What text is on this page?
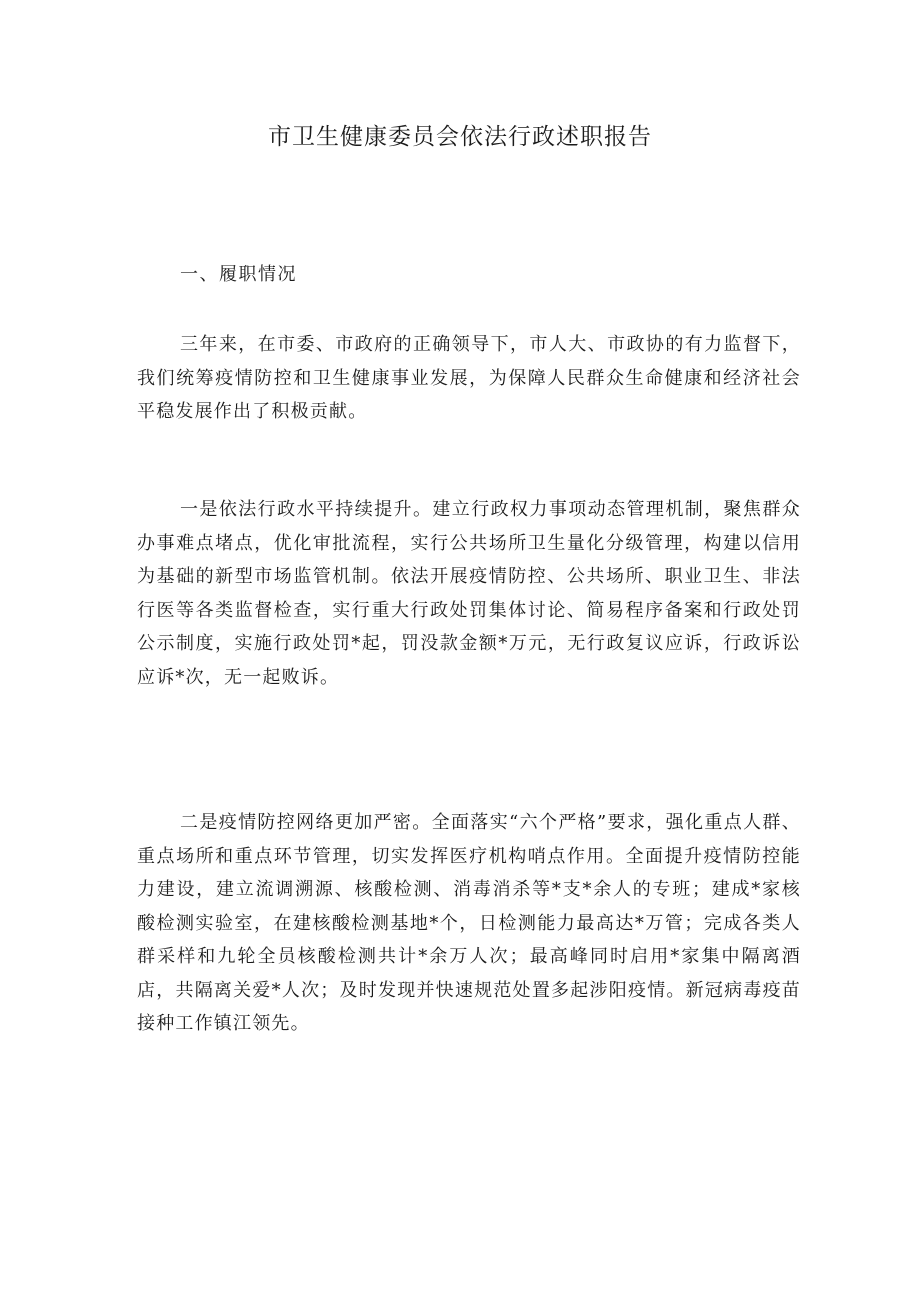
市卫生健康委员会依法行政述职报告
一、履职情况

三年来，在市委、市政府的正确领导下，市人大、市政协的有力监督下，我们统筹疫情防控和卫生健康事业发展，为保障人民群众生命健康和经济社会平稳发展作出了积极贡献。

一是依法行政水平持续提升。建立行政权力事项动态管理机制，聚焦群众办事难点堵点，优化审批流程，实行公共场所卫生量化分级管理，构建以信用为基础的新型市场监管机制。依法开展疫情防控、公共场所、职业卫生、非法行医等各类监督检查，实行重大行政处罚集体讨论、简易程序备案和行政处罚公示制度，实施行政处罚*起，罚没款金额*万元，无行政复议应诉，行政诉讼应诉*次，无一起败诉。

二是疫情防控网络更加严密。全面落实“六个严格”要求，强化重点人群、重点场所和重点环节管理，切实发挥医疗机构哨点作用。全面提升疫情防控能力建设，建立流调溯源、核酸检测、消毒消杀等*支*余人的专班；建成*家核酸检测实验室，在建核酸检测基地*个，日检测能力最高达*万管；完成各类人群采样和九轮全员核酸检测共计*余万人次；最高峰同时启用*家集中隔离酒店，共隔离关爱*人次；及时发现并快速规范处置多起涉阳疫情。新冠病毒疫苗接种工作镇江领先。
